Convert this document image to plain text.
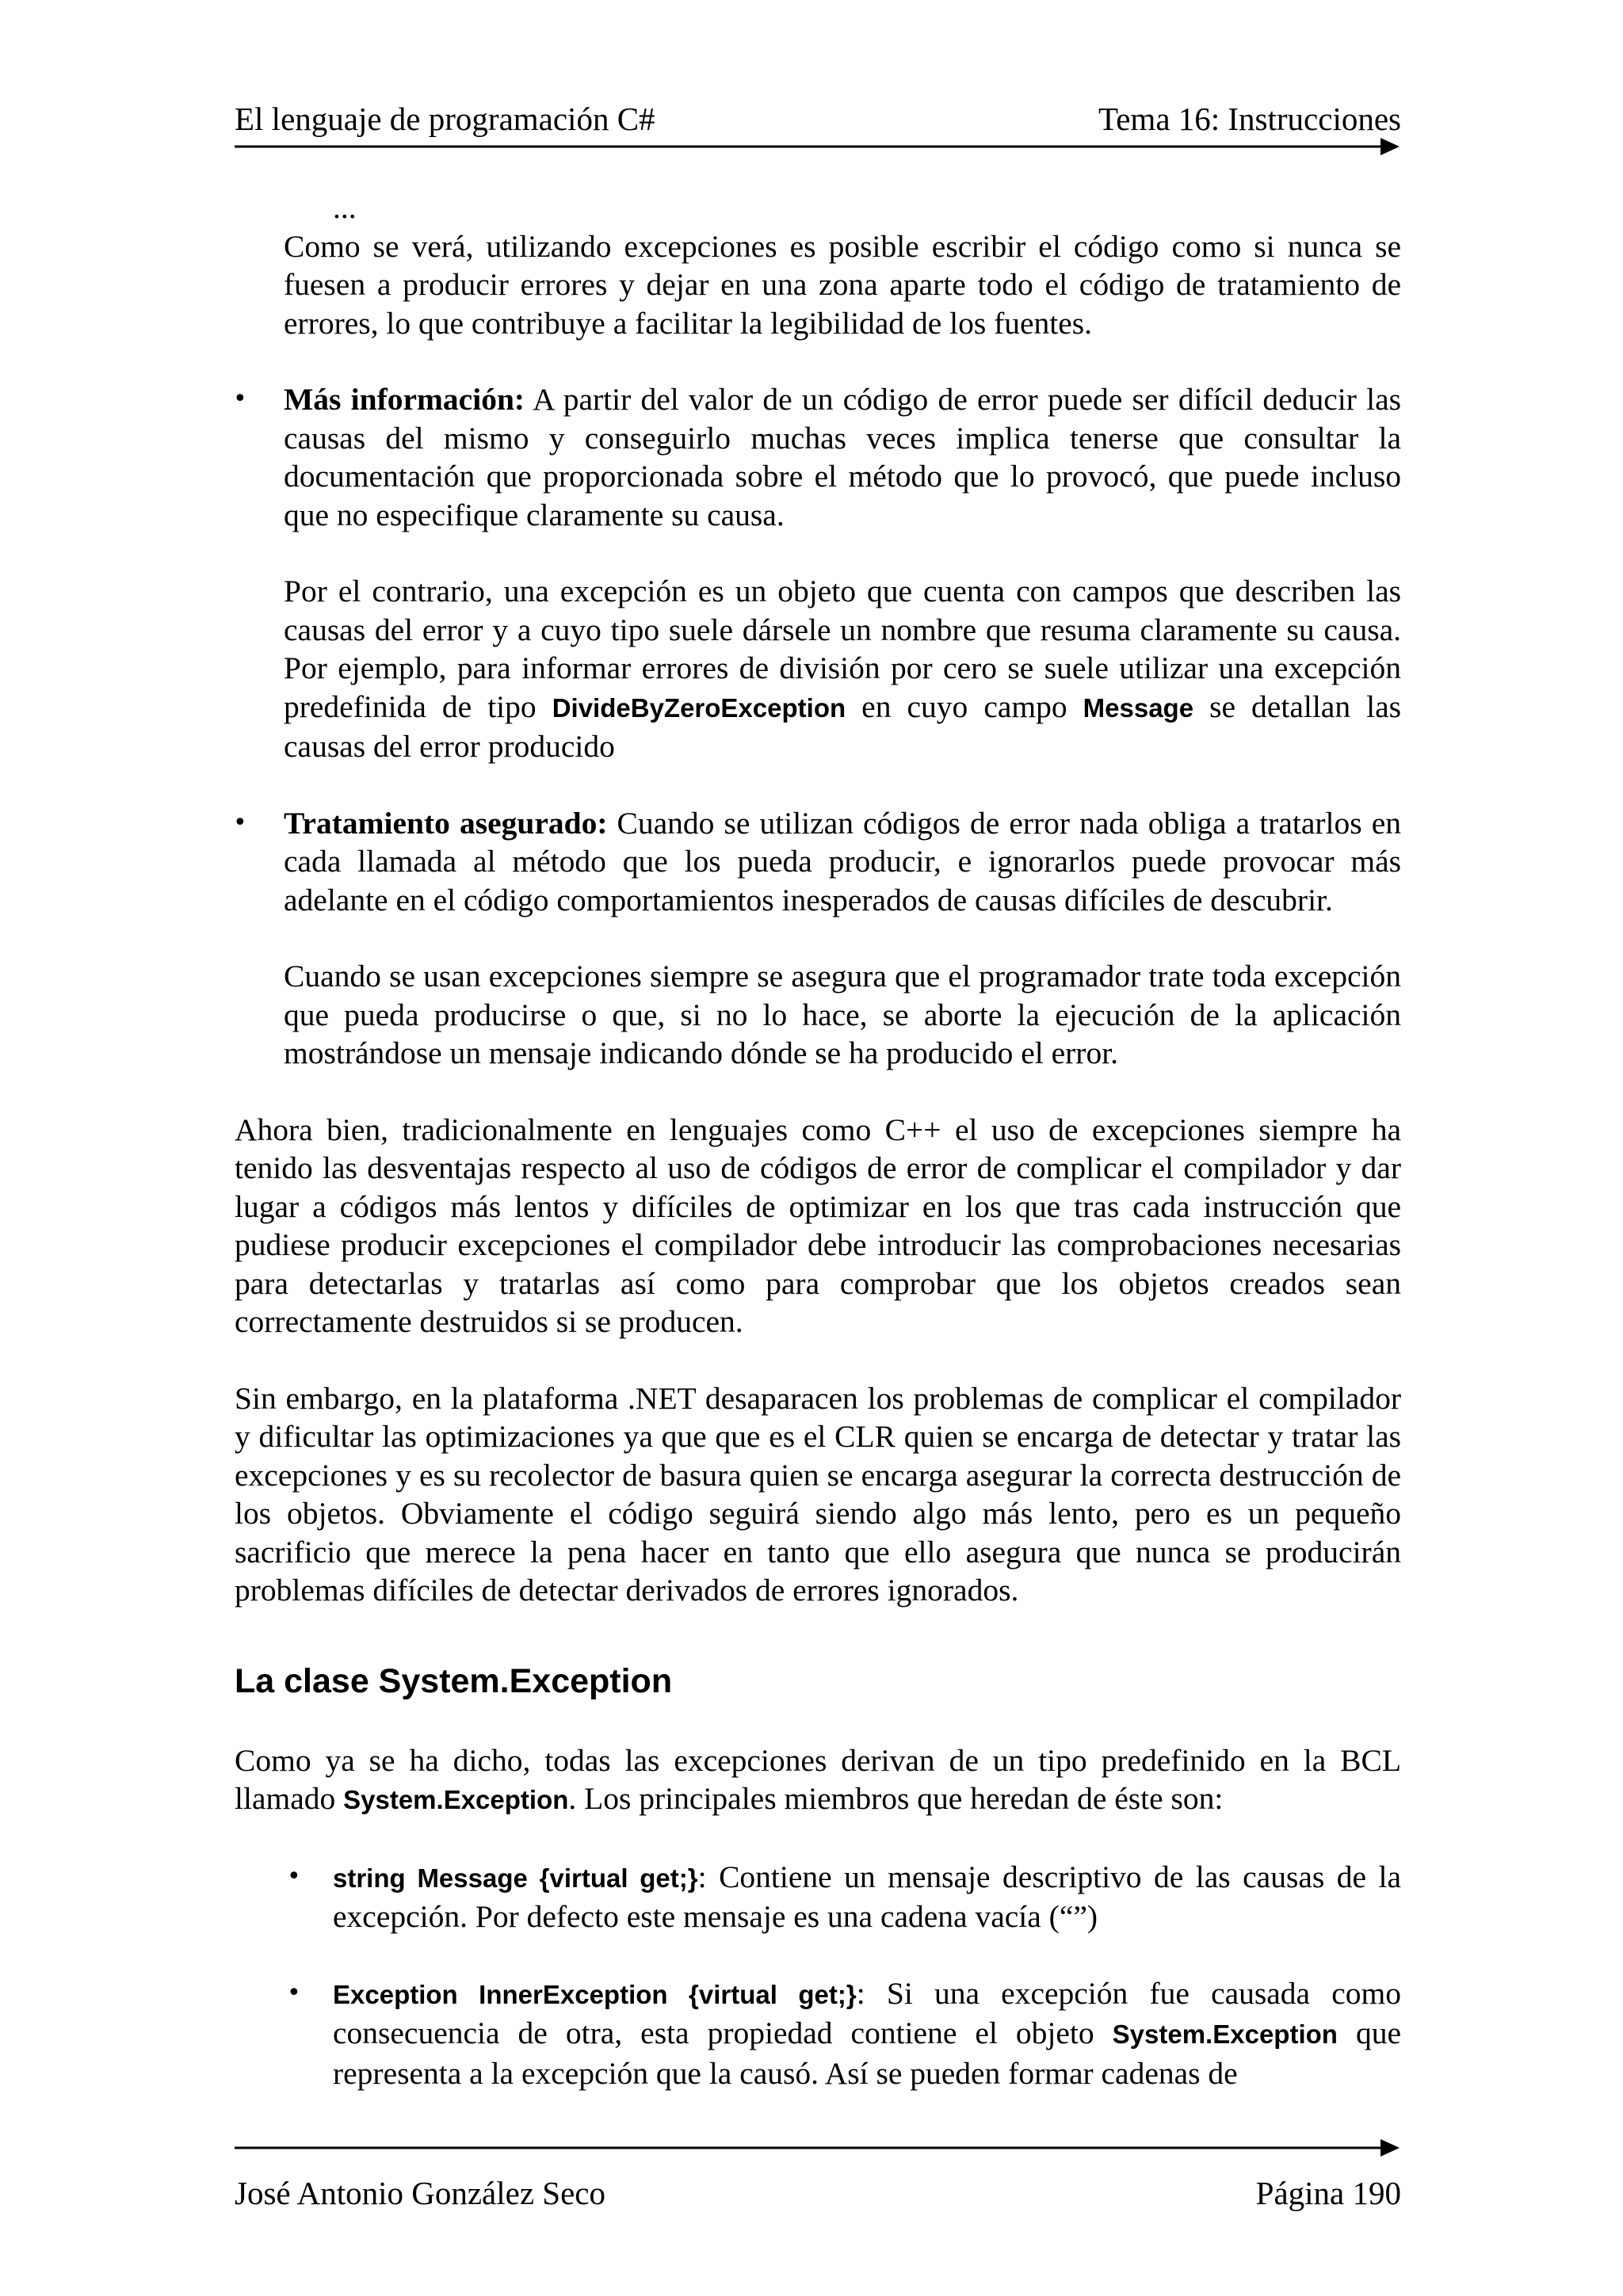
El lenguaje de programación C#	Tema 16: Instrucciones

...

Como se verá, utilizando excepciones es posible escribir el código como si nunca se fuesen a producir errores y dejar en una zona aparte todo el código de tratamiento de errores, lo que contribuye a facilitar la legibilidad de los fuentes.

• Más información: A partir del valor de un código de error puede ser difícil deducir las causas del mismo y conseguirlo muchas veces implica tenerse que consultar la documentación que proporcionada sobre el método que lo provocó, que puede incluso que no especifique claramente su causa.

Por el contrario, una excepción es un objeto que cuenta con campos que describen las causas del error y a cuyo tipo suele dársele un nombre que resuma claramente su causa. Por ejemplo, para informar errores de división por cero se suele utilizar una excepción predefinida de tipo DivideByZeroException en cuyo campo Message se detallan las causas del error producido

• Tratamiento asegurado: Cuando se utilizan códigos de error nada obliga a tratarlos en cada llamada al método que los pueda producir, e ignorarlos puede provocar más adelante en el código comportamientos inesperados de causas difíciles de descubrir.

Cuando se usan excepciones siempre se asegura que el programador trate toda excepción que pueda producirse o que, si no lo hace, se aborte la ejecución de la aplicación mostrándose un mensaje indicando dónde se ha producido el error.

Ahora bien, tradicionalmente en lenguajes como C++ el uso de excepciones siempre ha tenido las desventajas respecto al uso de códigos de error de complicar el compilador y dar lugar a códigos más lentos y difíciles de optimizar en los que tras cada instrucción que pudiese producir excepciones el compilador debe introducir las comprobaciones necesarias para detectarlas y tratarlas así como para comprobar que los objetos creados sean correctamente destruidos si se producen.

Sin embargo, en la plataforma .NET desaparacen los problemas de complicar el compilador y dificultar las optimizaciones ya que que es el CLR quien se encarga de detectar y tratar las excepciones y es su recolector de basura quien se encarga asegurar la correcta destrucción de los objetos. Obviamente el código seguirá siendo algo más lento, pero es un pequeño sacrificio que merece la pena hacer en tanto que ello asegura que nunca se producirán problemas difíciles de detectar derivados de errores ignorados.

La clase System.Exception

Como ya se ha dicho, todas las excepciones derivan de un tipo predefinido en la BCL llamado System.Exception. Los principales miembros que heredan de éste son:

• string Message {virtual get;}: Contiene un mensaje descriptivo de las causas de la excepción. Por defecto este mensaje es una cadena vacía (“”)

• Exception InnerException {virtual get;}: Si una excepción fue causada como consecuencia de otra, esta propiedad contiene el objeto System.Exception que representa a la excepción que la causó. Así se pueden formar cadenas de

José Antonio González Seco	Página 190
